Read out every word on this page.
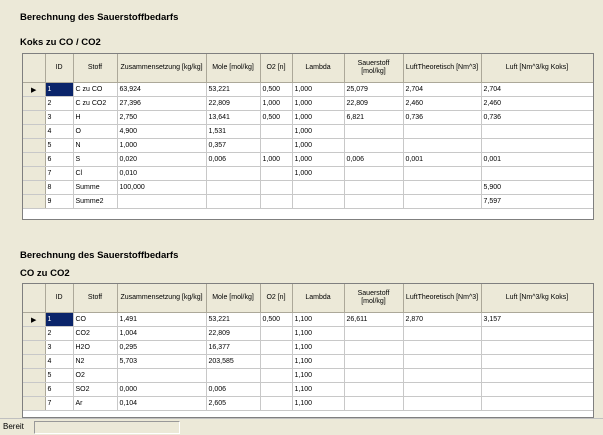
Berechnung des Sauerstoffbedarfs
Koks zu CO / CO2
	ID	Stoff	Zusammensetzung [kg/kg]	Mole [mol/kg]	O2 [n]	Lambda	Sauerstoff [mol/kg]	LuftTheoretisch [Nm^3]	Luft [Nm^3/kg Koks]
▶	1	C zu CO	63,924	53,221	0,500	1,000	25,079	2,704	2,704
	2	C zu CO2	27,396	22,809	1,000	1,000	22,809	2,460	2,460
	3	H	2,750	13,641	0,500	1,000	6,821	0,736	0,736
	4	O	4,900	1,531		1,000			
	5	N	1,000	0,357		1,000			
	6	S	0,020	0,006	1,000	1,000	0,006	0,001	0,001
	7	Cl	0,010			1,000			
	8	Summe	100,000						5,900
	9	Summe2							7,597
Berechnung des Sauerstoffbedarfs
CO zu CO2
	ID	Stoff	Zusammensetzung [kg/kg]	Mole [mol/kg]	O2 [n]	Lambda	Sauerstoff [mol/kg]	LuftTheoretisch [Nm^3]	Luft [Nm^3/kg Koks]
▶	1	CO	1,491	53,221	0,500	1,100	26,611	2,870	3,157
	2	CO2	1,004	22,809		1,100			
	3	H2O	0,295	16,377		1,100			
	4	N2	5,703	203,585		1,100			
	5	O2				1,100			
	6	SO2	0,000	0,006		1,100			
	7	Ar	0,104	2,605		1,100			
Bereit
